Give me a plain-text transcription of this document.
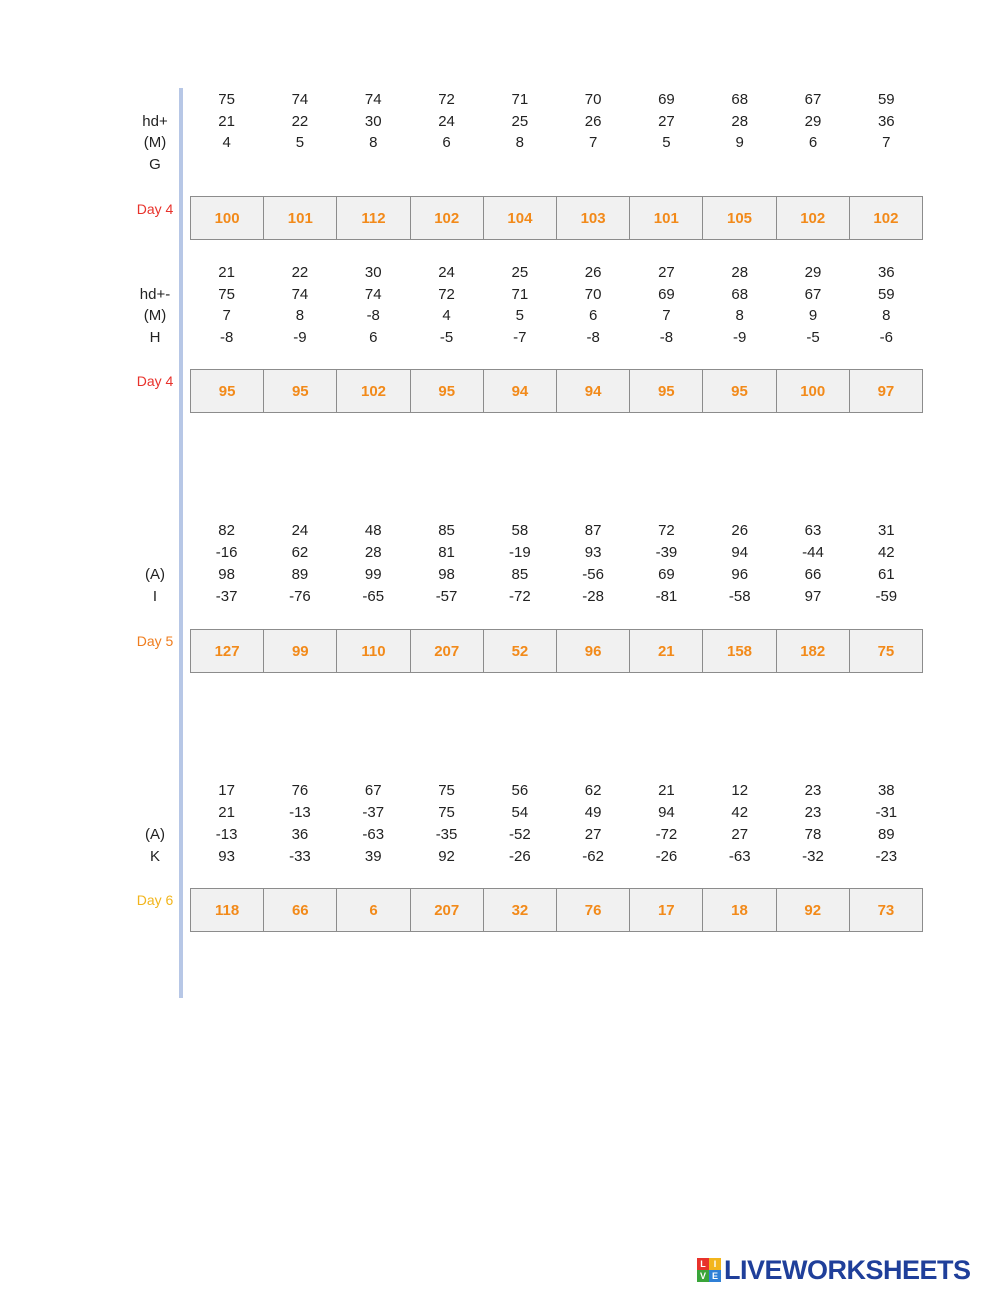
hd+
(M)
G
75	74	74	72	71	70	69	68	67	59
21	22	30	24	25	26	27	28	29	36
4	5	8	6	8	7	5	9	6	7
Day 4
100	101	112	102	104	103	101	105	102	102
hd+-
(M)
H
21	22	30	24	25	26	27	28	29	36
75	74	74	72	71	70	69	68	67	59
7	8	-8	4	5	6	7	8	9	8
-8	-9	6	-5	-7	-8	-8	-9	-5	-6
Day 4
95	95	102	95	94	94	95	95	100	97
(A)
I
82	24	48	85	58	87	72	26	63	31
-16	62	28	81	-19	93	-39	94	-44	42
98	89	99	98	85	-56	69	96	66	61
-37	-76	-65	-57	-72	-28	-81	-58	97	-59
Day 5
127	99	110	207	52	96	21	158	182	75
(A)
K
17	76	67	75	56	62	21	12	23	38
21	-13	-37	75	54	49	94	42	23	-31
-13	36	-63	-35	-52	27	-72	27	78	89
93	-33	39	92	-26	-62	-26	-63	-32	-23
Day 6
118	66	6	207	32	76	17	18	92	73
L I
V E LIVEWORKSHEETS
